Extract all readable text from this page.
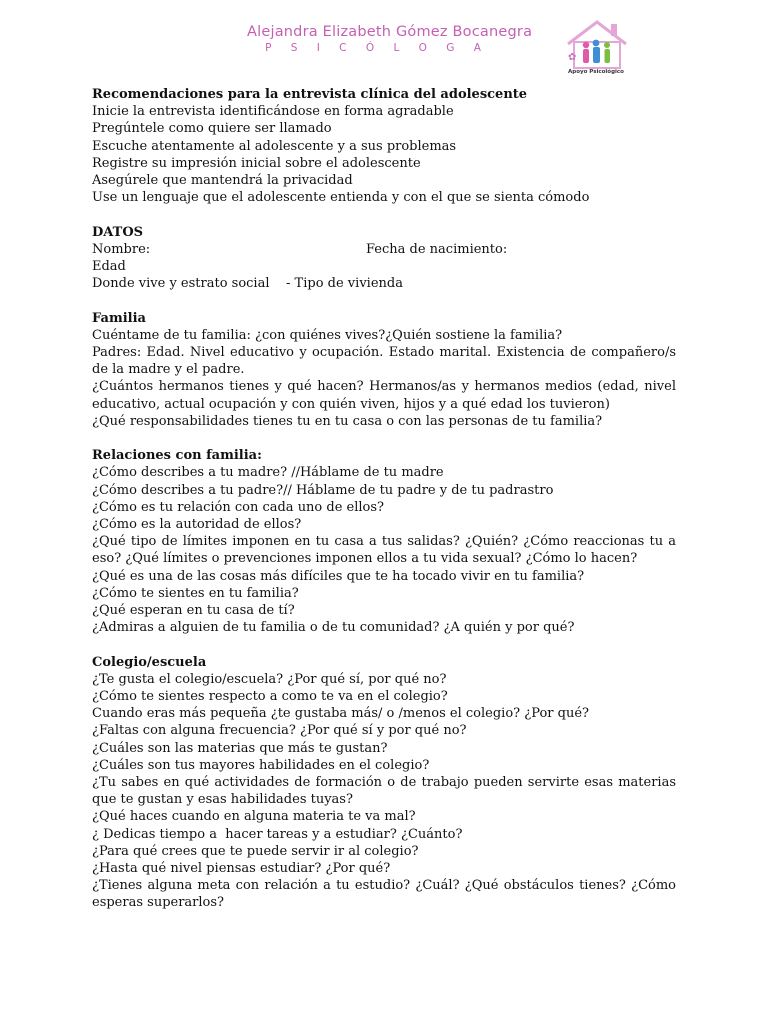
Alejandra Elizabeth Gómez Bocanegra
P S I C Ó L O G A
✿
Apoyo Psicológico

Recomendaciones para la entrevista clínica del adolescente

Inicie la entrevista identificándose en forma agradable

Pregúntele como quiere ser llamado

Escuche atentamente al adolescente y a sus problemas

Registre su impresión inicial sobre el adolescente

Asegúrele que mantendrá la privacidad

Use un lenguaje que el adolescente entienda y con el que se sienta cómodo

DATOS

Nombre:	Fecha de nacimiento:

Edad

Donde vive y estrato social    - Tipo de vivienda

Familia

Cuéntame de tu familia: ¿con quiénes vives?¿Quién sostiene la familia?

Padres: Edad. Nivel educativo y ocupación. Estado marital. Existencia de compañero/s de la madre y el padre.

¿Cuántos hermanos tienes y qué hacen? Hermanos/as y hermanos medios (edad, nivel educativo, actual ocupación y con quién viven, hijos y a qué edad los tuvieron)

¿Qué responsabilidades tienes tu en tu casa o con las personas de tu familia?

Relaciones con familia:

¿Cómo describes a tu madre? //Háblame de tu madre

¿Cómo describes a tu padre?// Háblame de tu padre y de tu padrastro

¿Cómo es tu relación con cada uno de ellos?

¿Cómo es la autoridad de ellos?

¿Qué tipo de límites imponen en tu casa a tus salidas? ¿Quién? ¿Cómo reaccionas tu a eso? ¿Qué límites o prevenciones imponen ellos a tu vida sexual? ¿Cómo lo hacen?

¿Qué es una de las cosas más difíciles que te ha tocado vivir en tu familia?

¿Cómo te sientes en tu familia?

¿Qué esperan en tu casa de tí?

¿Admiras a alguien de tu familia o de tu comunidad? ¿A quién y por qué?

Colegio/escuela

¿Te gusta el colegio/escuela? ¿Por qué sí, por qué no?

¿Cómo te sientes respecto a como te va en el colegio?

Cuando eras más pequeña ¿te gustaba más/ o /menos el colegio? ¿Por qué?

¿Faltas con alguna frecuencia? ¿Por qué sí y por qué no?

¿Cuáles son las materias que más te gustan?

¿Cuáles son tus mayores habilidades en el colegio?

¿Tu sabes en qué actividades de formación o de trabajo pueden servirte esas materias que te gustan y esas habilidades tuyas?

¿Qué haces cuando en alguna materia te va mal?

¿ Dedicas tiempo a  hacer tareas y a estudiar? ¿Cuánto?

¿Para qué crees que te puede servir ir al colegio?

¿Hasta qué nivel piensas estudiar? ¿Por qué?

¿Tienes alguna meta con relación a tu estudio? ¿Cuál? ¿Qué obstáculos tienes? ¿Cómo esperas superarlos?
